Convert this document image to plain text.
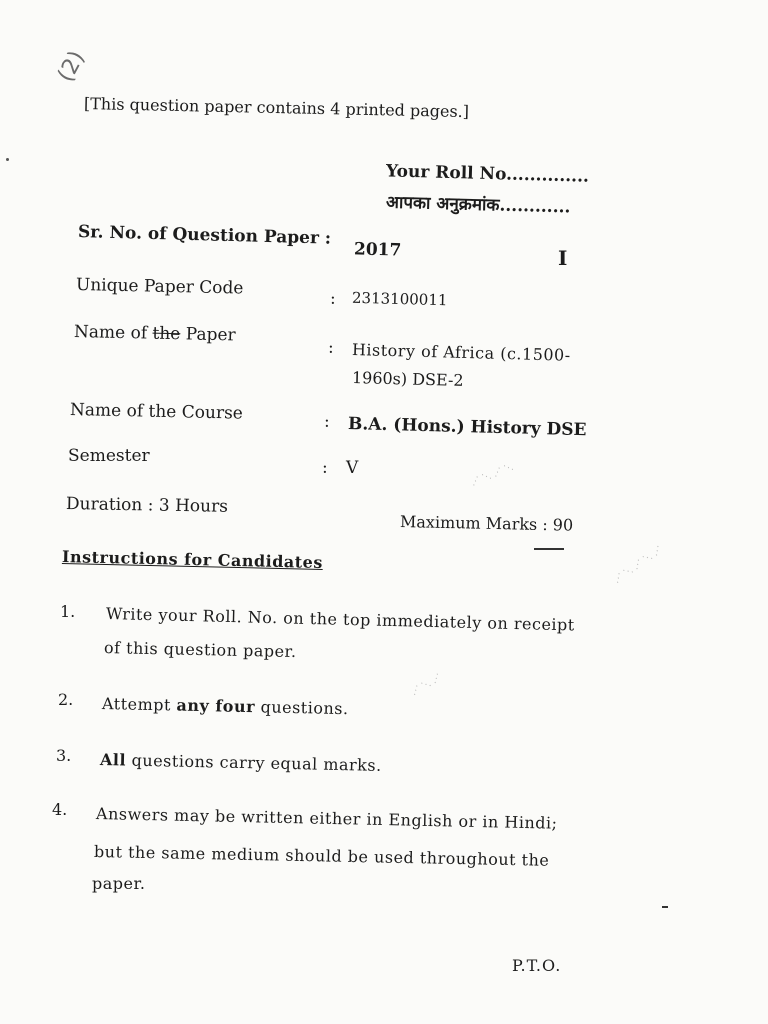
(2)
[This question paper contains 4 printed pages.]
Your Roll No..............
आपका अनुक्रमांक............
I
Sr. No. of Question Paper :
2017
Unique Paper Code
: 2313100011
Name of the Paper
: History of Africa (c.1500-
1960s) DSE-2
Name of the Course	: B.A. (Hons.) History DSE
Semester
: V
Duration : 3 Hours
Maximum Marks : 90
⋰ ⋱ ⋰ ⋱
⋰ ⋱ ⋰ ⋱ ⋰
⋰ ⋱ ⋰
Instructions for Candidates
1. Write your Roll. No. on the top immediately on receipt
of this question paper.
2. Attempt any four questions.
3. All questions carry equal marks.
4. Answers may be written either in English or in Hindi;
but the same medium should be used throughout the
paper.
P.T.O.
